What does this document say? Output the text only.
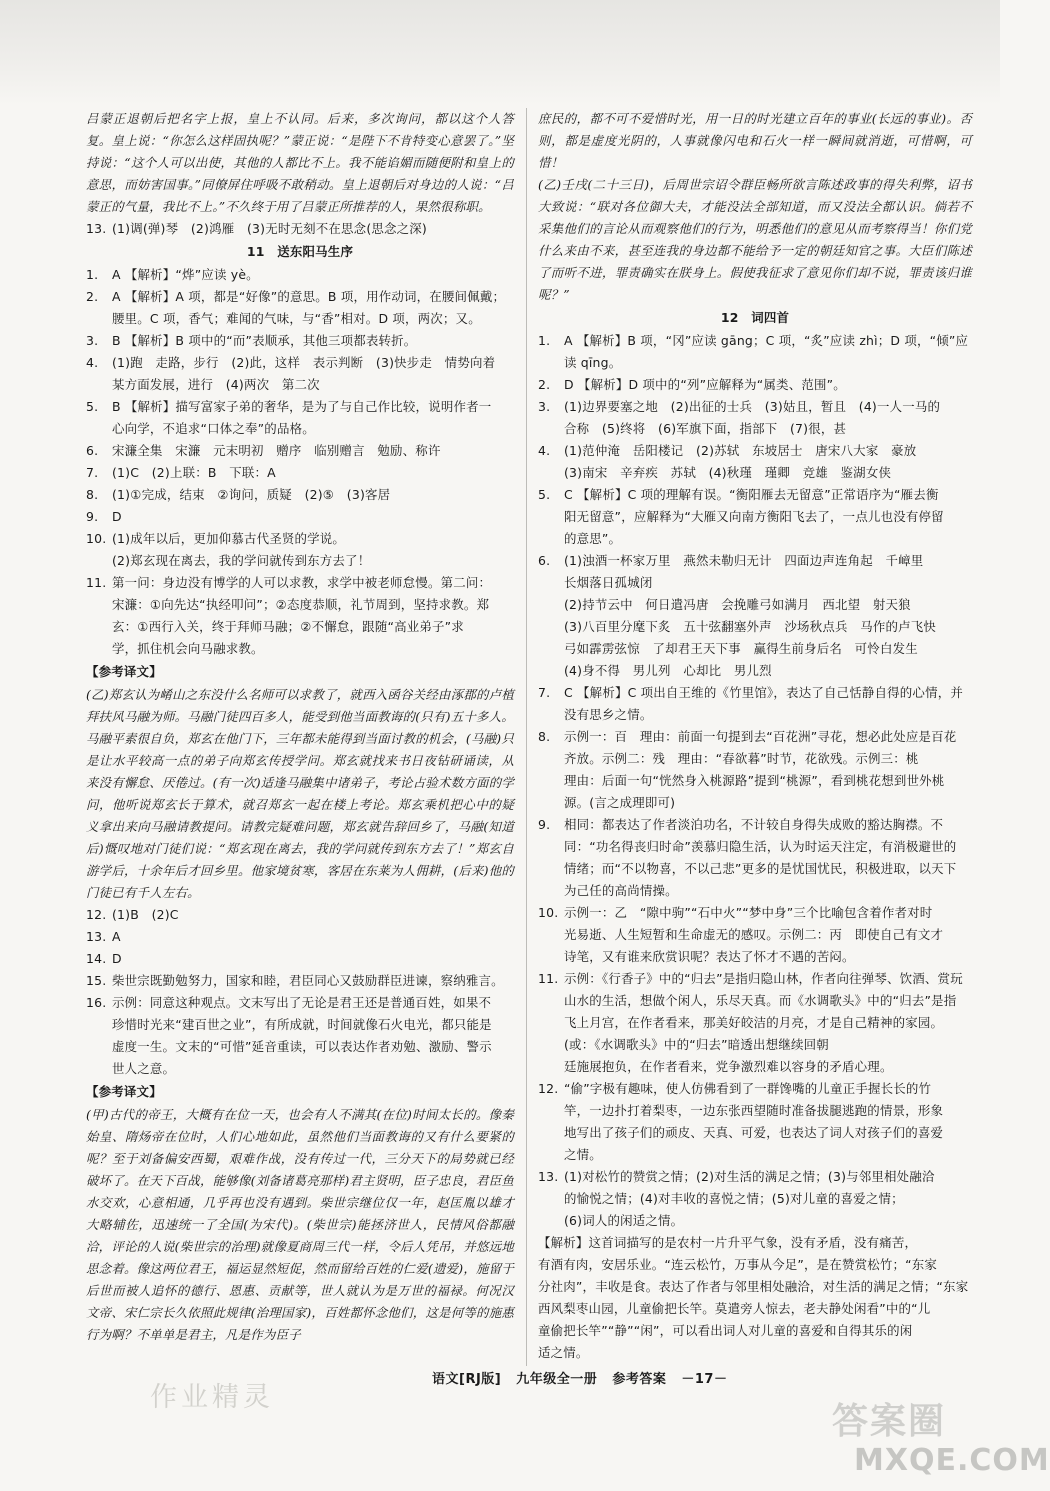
吕蒙正退朝后把名字上报，皇上不认同。后来，多次询问，都以这个人答复。皇上说：“你怎么这样固执呢？”蒙正说：“是陛下不肯特变心意罢了。”坚持说：“这个人可以出使，其他的人都比不上。我不能谄媚而随便附和皇上的意思，而妨害国事。”同僚屏住呼吸不敢稍动。皇上退朝后对身边的人说：“吕蒙正的气量，我比不上。”不久终于用了吕蒙正所推荐的人，果然很称职。

13. (1)调(弹)琴　(2)鸿雁　(3)无时无刻不在思念(思念之深)

11　送东阳马生序

1. A 【解析】“烨”应读 yè。

2. A 【解析】A 项，都是“好像”的意思。B 项，用作动词，在腰间佩戴；

腰里。C 项，香气；难闻的气味，与“香”相对。D 项，两次；又。

3. B 【解析】B 项中的“而”表顺承，其他三项都表转折。

4. (1)跑　走路，步行　(2)此，这样　表示判断　(3)快步走　情势向着

某方面发展，进行　(4)两次　第二次

5. B 【解析】描写富家子弟的奢华，是为了与自己作比较，说明作者一

心向学，不追求“口体之奉”的品格。

6. 宋濂全集　宋濂　元末明初　赠序　临别赠言　勉励、称许

7. (1)C　(2)上联：B　下联：A

8. (1)①完成，结束　②询问，质疑　(2)⑤　(3)客居

9. D

10. (1)成年以后，更加仰慕古代圣贤的学说。

(2)郑玄现在离去，我的学问就传到东方去了！

11. 第一问：身边没有博学的人可以求教，求学中被老师怠慢。第二问：

宋濂：①向先达“执经叩问”；②态度恭顺，礼节周到，坚持求教。郑

玄：①西行入关，终于拜师马融；②不懈怠，跟随“高业弟子”求

学，抓住机会向马融求教。

【参考译文】

(乙)郑玄认为崤山之东没什么名师可以求教了，就西入函谷关经由涿郡的卢植拜扶风马融为师。马融门徒四百多人，能受到他当面教诲的(只有)五十多人。马融平素很自负，郑玄在他门下，三年都未能得到当面讨教的机会，(马融)只是让水平较高一点的弟子向郑玄传授学问。郑玄就找来书日夜钻研诵读，从来没有懈怠、厌倦过。(有一次)适逢马融集中诸弟子，考论占验术数方面的学问，他听说郑玄长于算术，就召郑玄一起在楼上考论。郑玄乘机把心中的疑义拿出来向马融请教提问。请教完疑难问题，郑玄就告辞回乡了，马融(知道后)慨叹地对门徒们说：“郑玄现在离去，我的学问就传到东方去了！”郑玄自游学后，十余年后才回乡里。他家境贫寒，客居在东莱为人佣耕，(后来)他的门徒已有千人左右。

12. (1)B　(2)C

13. A

14. D

15. 柴世宗既勤勉努力，国家和睦，君臣同心又鼓励群臣进谏，察纳雅言。

16. 示例：同意这种观点。文末写出了无论是君王还是普通百姓，如果不

珍惜时光来“建百世之业”，有所成就，时间就像石火电光，都只能是

虚度一生。文末的“可惜”延音重读，可以表达作者劝勉、激励、警示

世人之意。

【参考译文】

(甲)古代的帝王，大概有在位一天，也会有人不满其(在位)时间太长的。像秦始皇、隋炀帝在位时，人们心地如此，虽然他们当面教诲的又有什么要紧的呢？至于刘备偏安西蜀，艰难作战，没有传过一代，三分天下的局势就已经破坏了。在天下百战，能够像(刘备诸葛亮那样)君主贤明，臣子忠良，君臣鱼水交欢，心意相通，几乎再也没有遇到。柴世宗继位仅一年，赵匡胤以雄才大略辅佐，迅速统一了全国(为宋代)。(柴世宗)能拯济世人，民情风俗都融洽，评论的人说(柴世宗的治理)就像夏商周三代一样，令后人凭吊，并悠远地思念着。像这两位君王，福运显然短促，然而留给百姓的仁爱(遗爱)，施留于后世而被人追怀的德行、恩惠、贡献等，世人就认为是万世的福禄。何况汉文帝、宋仁宗长久依照此规律(治理国家)，百姓都怀念他们，这是何等的施惠行为啊？不单单是君主，凡是作为臣子

庶民的，都不可不爱惜时光，用一日的时光建立百年的事业(长远的事业)。否则，都是虚度光阴的，人事就像闪电和石火一样一瞬间就消逝，可惜啊，可惜！

(乙)壬戌(二十三日)，后周世宗诏令群臣畅所欲言陈述政事的得失利弊，诏书大致说：“联对各位御大夫，才能没法全部知道，而又没法全都认识。倘若不采集他们的言论从而观察他们的行为，明悉他们的意见从而考察得当！你们党什么来由不来，甚至连我的身边都不能给予一定的朝廷知官之事。大臣们陈述了而听不进，罪责确实在朕身上。假使我征求了意见你们却不说，罪责该归谁呢？”

12　词四首

1. A 【解析】B 项，“冈”应读 gāng；C 项，“炙”应读 zhì；D 项，“倾”应

读 qīng。

2. D 【解析】D 项中的“列”应解释为“属类、范围”。

3. (1)边界要塞之地　(2)出征的士兵　(3)姑且，暂且　(4)一人一马的

合称　(5)终将　(6)军旗下面，指部下　(7)很，甚

4. (1)范仲淹　岳阳楼记　(2)苏轼　东坡居士　唐宋八大家　豪放

(3)南宋　辛弃疾　苏轼　(4)秋瑾　瑾卿　竞雄　鉴湖女侠

5. C 【解析】C 项的理解有误。“衡阳雁去无留意”正常语序为“雁去衡

阳无留意”，应解释为“大雁又向南方衡阳飞去了，一点儿也没有停留

的意思”。

6. (1)浊酒一杯家万里　燕然未勒归无计　四面边声连角起　千嶂里

长烟落日孤城闭

(2)持节云中　何日遣冯唐　会挽雕弓如满月　西北望　射天狼

(3)八百里分麾下炙　五十弦翻塞外声　沙场秋点兵　马作的卢飞快

弓如霹雳弦惊　了却君王天下事　赢得生前身后名　可怜白发生

(4)身不得　男儿列　心却比　男儿烈

7. C 【解析】C 项出自王维的《竹里馆》，表达了自己恬静自得的心情，并

没有思乡之情。

8. 示例一：百　理由：前面一句提到去“百花洲”寻花，想必此处应是百花

齐放。示例二：残　理由：“春欲暮”时节，花欲残。示例三：桃

理由：后面一句“恍然身入桃源路”提到“桃源”，看到桃花想到世外桃

源。(言之成理即可)

9. 相同：都表达了作者淡泊功名，不计较自身得失成败的豁达胸襟。不

同：“功名得丧归时命”羡慕归隐生活，认为时运天注定，有消极避世的

情绪；而“不以物喜，不以己悲”更多的是忧国忧民，积极进取，以天下

为己任的高尚情操。

10. 示例一：乙　“隙中驹”“石中火”“梦中身”三个比喻包含着作者对时

光易逝、人生短暂和生命虚无的感叹。示例二：丙　即使自己有文才

诗笔，又有谁来欣赏识呢？表达了怀才不遇的苦闷。

11. 示例：《行香子》中的“归去”是指归隐山林，作者向往弹琴、饮酒、赏玩

山水的生活，想做个闲人，乐尽天真。而《水调歌头》中的“归去”是指

飞上月宫，在作者看来，那美好皎洁的月亮，才是自己精神的家园。

(或：《水调歌头》中的“归去”暗透出想继续回朝

廷施展抱负，在作者看来，党争激烈难以容身的矛盾心理。

12. “偷”字极有趣味，使人仿佛看到了一群馋嘴的儿童正手握长长的竹

竿，一边扑打着梨枣，一边东张西望随时准备拔腿逃跑的情景，形象

地写出了孩子们的顽皮、天真、可爱，也表达了词人对孩子们的喜爱

之情。

13. (1)对松竹的赞赏之情；(2)对生活的满足之情；(3)与邻里相处融洽

的愉悦之情；(4)对丰收的喜悦之情；(5)对儿童的喜爱之情；

(6)词人的闲适之情。

【解析】这首词描写的是农村一片升平气象，没有矛盾，没有痛苦，

有酒有肉，安居乐业。“连云松竹，万事从今足”，是在赞赏松竹；“东家

分社肉”，丰收是食。表达了作者与邻里相处融洽，对生活的满足之情；“东家

西风梨枣山园，儿童偷把长竿。莫遣旁人惊去，老夫静处闲看”中的“儿

童偷把长竿”“静”“闲”，可以看出词人对儿童的喜爱和自得其乐的闲

适之情。

语文[RJ版] 九年级全一册 参考答案 －17－
作业精灵
答案圈
MXQE.COM
